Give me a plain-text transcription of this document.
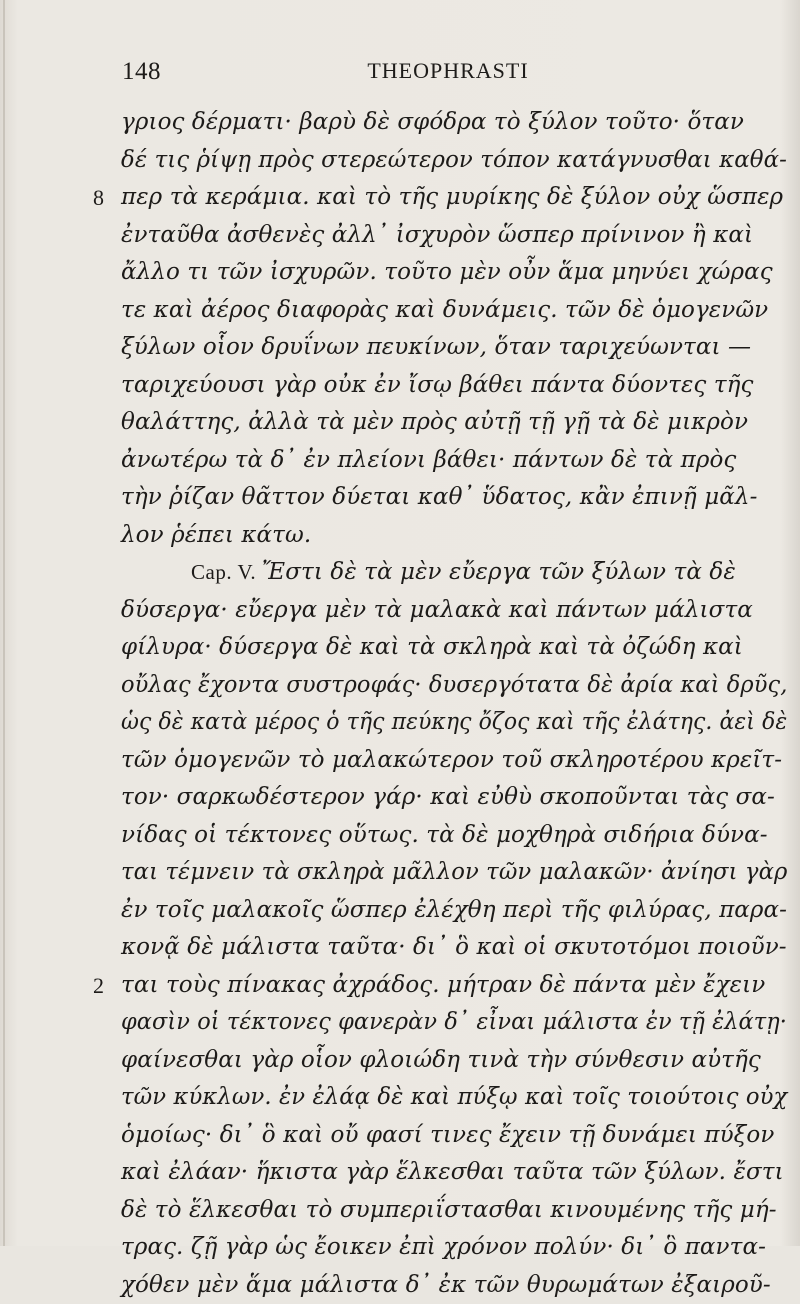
148	THEOPHRASTI
γριος δέρματι· βαρὺ δὲ σφόδρα τὸ ξύλον τοῦτο· ὅταν
δέ τις ῥίψῃ πρὸς στερεώτερον τόπον κατάγνυσθαι καθά-
8 περ τὰ κεράμια. καὶ τὸ τῆς μυρίκης δὲ ξύλον οὐχ ὥσπερ
ἐνταῦθα ἀσθενὲς ἀλλ᾽ ἰσχυρὸν ὥσπερ πρίνινον ἢ καὶ
ἄλλο τι τῶν ἰσχυρῶν. τοῦτο μὲν οὖν ἅμα μηνύει χώρας
τε καὶ ἀέρος διαφορὰς καὶ δυνάμεις. τῶν δὲ ὁμογενῶν
ξύλων οἷον δρυΐνων πευκίνων, ὅταν ταριχεύωνται —
ταριχεύουσι γὰρ οὐκ ἐν ἴσῳ βάθει πάντα δύοντες τῆς
θαλάττης, ἀλλὰ τὰ μὲν πρὸς αὐτῇ τῇ γῇ τὰ δὲ μικρὸν
ἀνωτέρω τὰ δ᾽ ἐν πλείονι βάθει· πάντων δὲ τὰ πρὸς
τὴν ῥίζαν θᾶττον δύεται καθ᾽ ὕδατος, κἂν ἐπινῇ μᾶλ-
λον ῥέπει κάτω.
Cap. V. Ἔστι δὲ τὰ μὲν εὔεργα τῶν ξύλων τὰ δὲ
δύσεργα· εὔεργα μὲν τὰ μαλακὰ καὶ πάντων μάλιστα
φίλυρα· δύσεργα δὲ καὶ τὰ σκληρὰ καὶ τὰ ὀζώδη καὶ
οὔλας ἔχοντα συστροφάς· δυσεργότατα δὲ ἀρία καὶ δρῦς,
ὡς δὲ κατὰ μέρος ὁ τῆς πεύκης ὄζος καὶ τῆς ἐλάτης. ἀεὶ δὲ
τῶν ὁμογενῶν τὸ μαλακώτερον τοῦ σκληροτέρου κρεῖτ-
τον· σαρκωδέστερον γάρ· καὶ εὐθὺ σκοποῦνται τὰς σα-
νίδας οἱ τέκτονες οὕτως. τὰ δὲ μοχθηρὰ σιδήρια δύνα-
ται τέμνειν τὰ σκληρὰ μᾶλλον τῶν μαλακῶν· ἀνίησι γὰρ
ἐν τοῖς μαλακοῖς ὥσπερ ἐλέχθη περὶ τῆς φιλύρας, παρα-
κονᾷ δὲ μάλιστα ταῦτα· δι᾽ ὃ καὶ οἱ σκυτοτόμοι ποιοῦν-
2 ται τοὺς πίνακας ἀχράδος. μήτραν δὲ πάντα μὲν ἔχειν
φασὶν οἱ τέκτονες φανερὰν δ᾽ εἶναι μάλιστα ἐν τῇ ἐλάτῃ·
φαίνεσθαι γὰρ οἷον φλοιώδη τινὰ τὴν σύνθεσιν αὐτῆς
τῶν κύκλων. ἐν ἐλάᾳ δὲ καὶ πύξῳ καὶ τοῖς τοιούτοις οὐχ
ὁμοίως· δι᾽ ὃ καὶ οὔ φασί τινες ἔχειν τῇ δυνάμει πύξον
καὶ ἐλάαν· ἥκιστα γὰρ ἕλκεσθαι ταῦτα τῶν ξύλων. ἔστι
δὲ τὸ ἕλκεσθαι τὸ συμπεριΐστασθαι κινουμένης τῆς μή-
τρας. ζῇ γὰρ ὡς ἔοικεν ἐπὶ χρόνον πολύν· δι᾽ ὃ παντα-
χόθεν μὲν ἅμα μάλιστα δ᾽ ἐκ τῶν θυρωμάτων ἐξαιροῦ-
